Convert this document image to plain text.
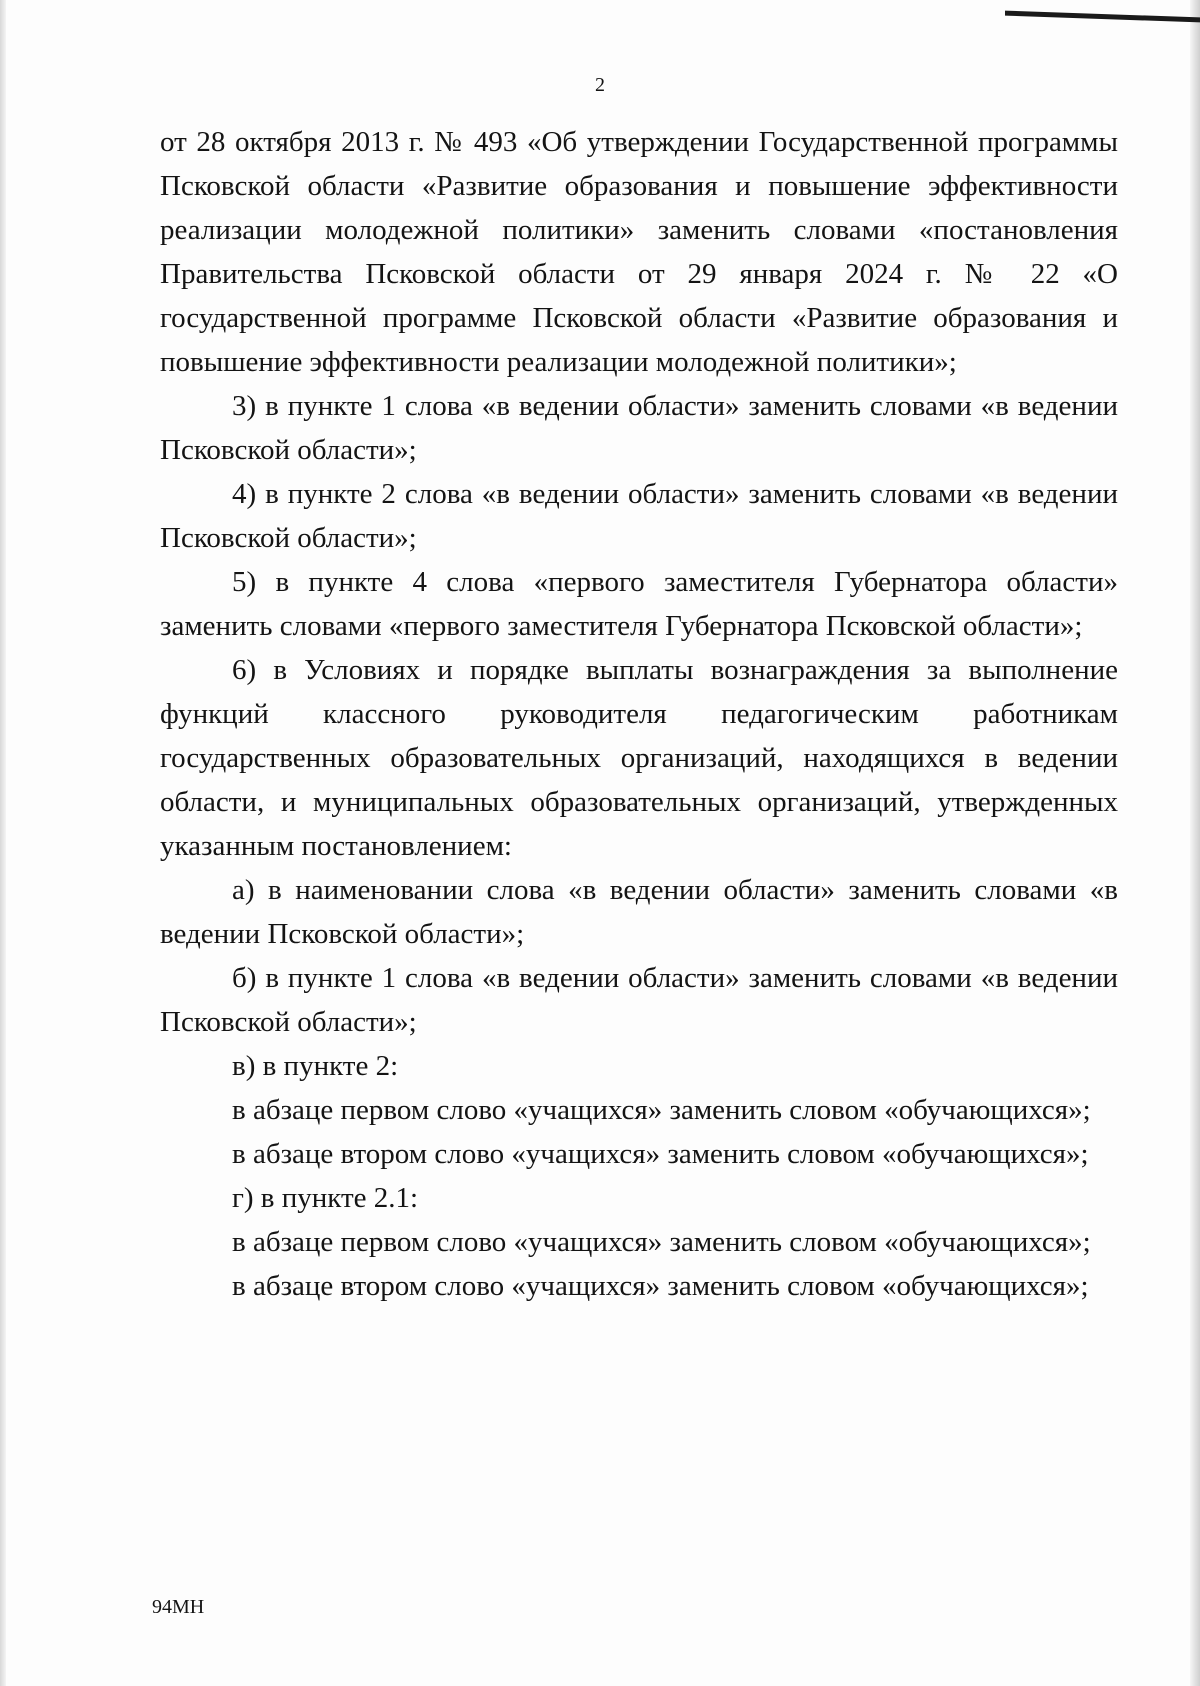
2

от 28 октября 2013 г. № 493 «Об утверждении Государственной программы Псковской области «Развитие образования и повышение эффективности реализации молодежной политики» заменить словами «постановления Правительства Псковской области от 29 января 2024 г. № 22 «О государственной программе Псковской области «Развитие образования и повышение эффективности реализации молодежной политики»;

3) в пункте 1 слова «в ведении области» заменить словами «в ведении Псковской области»;

4) в пункте 2 слова «в ведении области» заменить словами «в ведении Псковской области»;

5) в пункте 4 слова «первого заместителя Губернатора области» заменить словами «первого заместителя Губернатора Псковской области»;

6) в Условиях и порядке выплаты вознаграждения за выполнение функций классного руководителя педагогическим работникам государственных образовательных организаций, находящихся в ведении области, и муниципальных образовательных организаций, утвержденных указанным постановлением:

а) в наименовании слова «в ведении области» заменить словами «в ведении Псковской области»;

б) в пункте 1 слова «в ведении области» заменить словами «в ведении Псковской области»;

в) в пункте 2:

в абзаце первом слово «учащихся» заменить словом «обучающихся»;

в абзаце втором слово «учащихся» заменить словом «обучающихся»;

г) в пункте 2.1:

в абзаце первом слово «учащихся» заменить словом «обучающихся»;

в абзаце втором слово «учащихся» заменить словом «обучающихся»;

94МН
